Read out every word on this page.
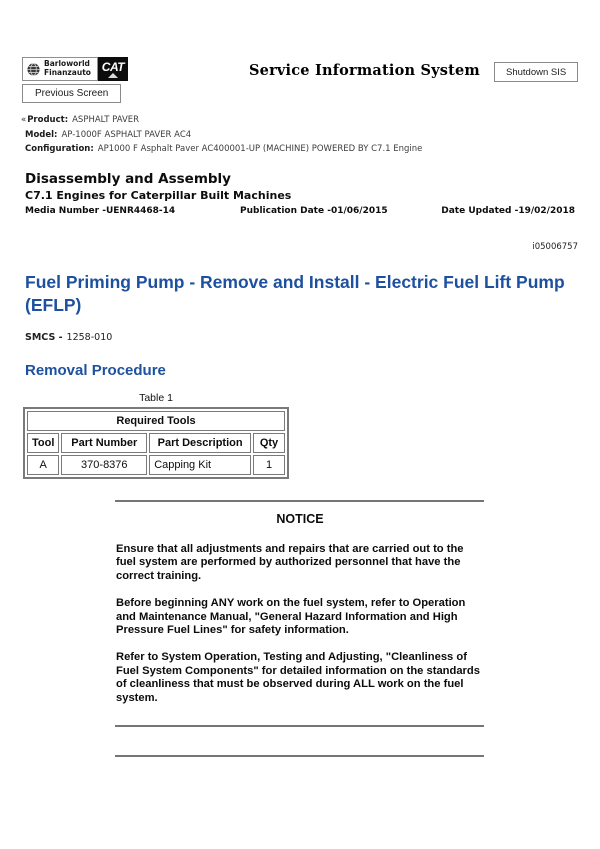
Barloworld
Finanzauto CAT	Service Information System	Shutdown SIS
Previous Screen
«Product: ASPHALT PAVER
Model: AP-1000F ASPHALT PAVER AC4
Configuration: AP1000 F Asphalt Paver AC400001-UP (MACHINE) POWERED BY C7.1 Engine
Disassembly and Assembly
C7.1 Engines for Caterpillar Built Machines
Media Number -UENR4468-14	Publication Date -01/06/2015	Date Updated -19/02/2018
i05006757
Fuel Priming Pump - Remove and Install - Electric Fuel Lift Pump (EFLP)
SMCS - 1258-010
Removal Procedure
Table 1
Required Tools			
Tool	Part Number	Part Description	Qty
A	370-8376	Capping Kit	1
NOTICE

Ensure that all adjustments and repairs that are carried out to the fuel system are performed by authorized personnel that have the correct training.

Before beginning ANY work on the fuel system, refer to Operation and Maintenance Manual, "General Hazard Information and High Pressure Fuel Lines" for safety information.

Refer to System Operation, Testing and Adjusting, "Cleanliness of Fuel System Components" for detailed information on the standards of cleanliness that must be observed during ALL work on the fuel system.
